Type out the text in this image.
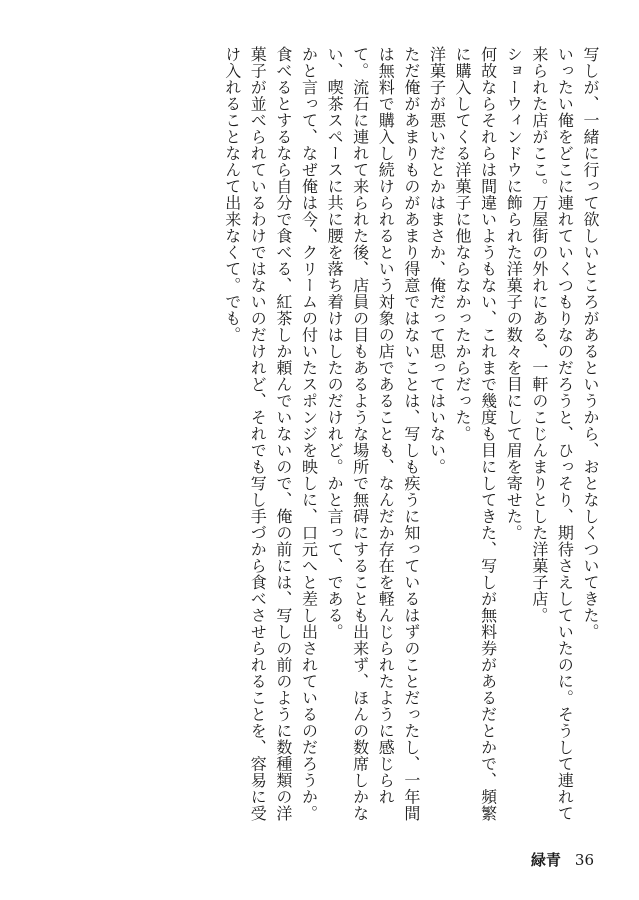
写しが、一緒に行って欲しいところがあるというから、おとなしくついてきた。

いったい俺をどこに連れていくつもりなのだろうと、ひっそり、期待さえしていたのに。そうして連れて来られた店がここ。万屋街の外れにある、一軒のこじんまりとした洋菓子店。

ショーウィンドウに飾られた洋菓子の数々を目にして眉を寄せた。

何故ならそれらは間違いようもない、これまで幾度も目にしてきた、写しが無料券があるだとかで、頻繁に購入してくる洋菓子に他ならなかったからだった。

洋菓子が悪いだとかはまさか、俺だって思ってはいない。

ただ俺があまりものがあまり得意ではないことは、写しも疾うに知っているはずのことだったし、一年間は無料で購入し続けられるという対象の店であることも、なんだか存在を軽んじられたように感じられて。流石に連れて来られた後、店員の目もあるような場所で無碍にすることも出来ず、ほんの数席しかない、喫茶スペースに共に腰を落ち着けはしたのだけれど。かと言って、である。

かと言って、なぜ俺は今、クリームの付いたスポンジを映しに、口元へと差し出されているのだろうか。

食べるとするなら自分で食べる、紅茶しか頼んでいないので、俺の前には、写しの前のように数種類の洋菓子が並べられているわけではないのだけれど、それでも写し手づから食べさせられることを、容易に受け入れることなんて出来なくて。でも。

緑青 36
